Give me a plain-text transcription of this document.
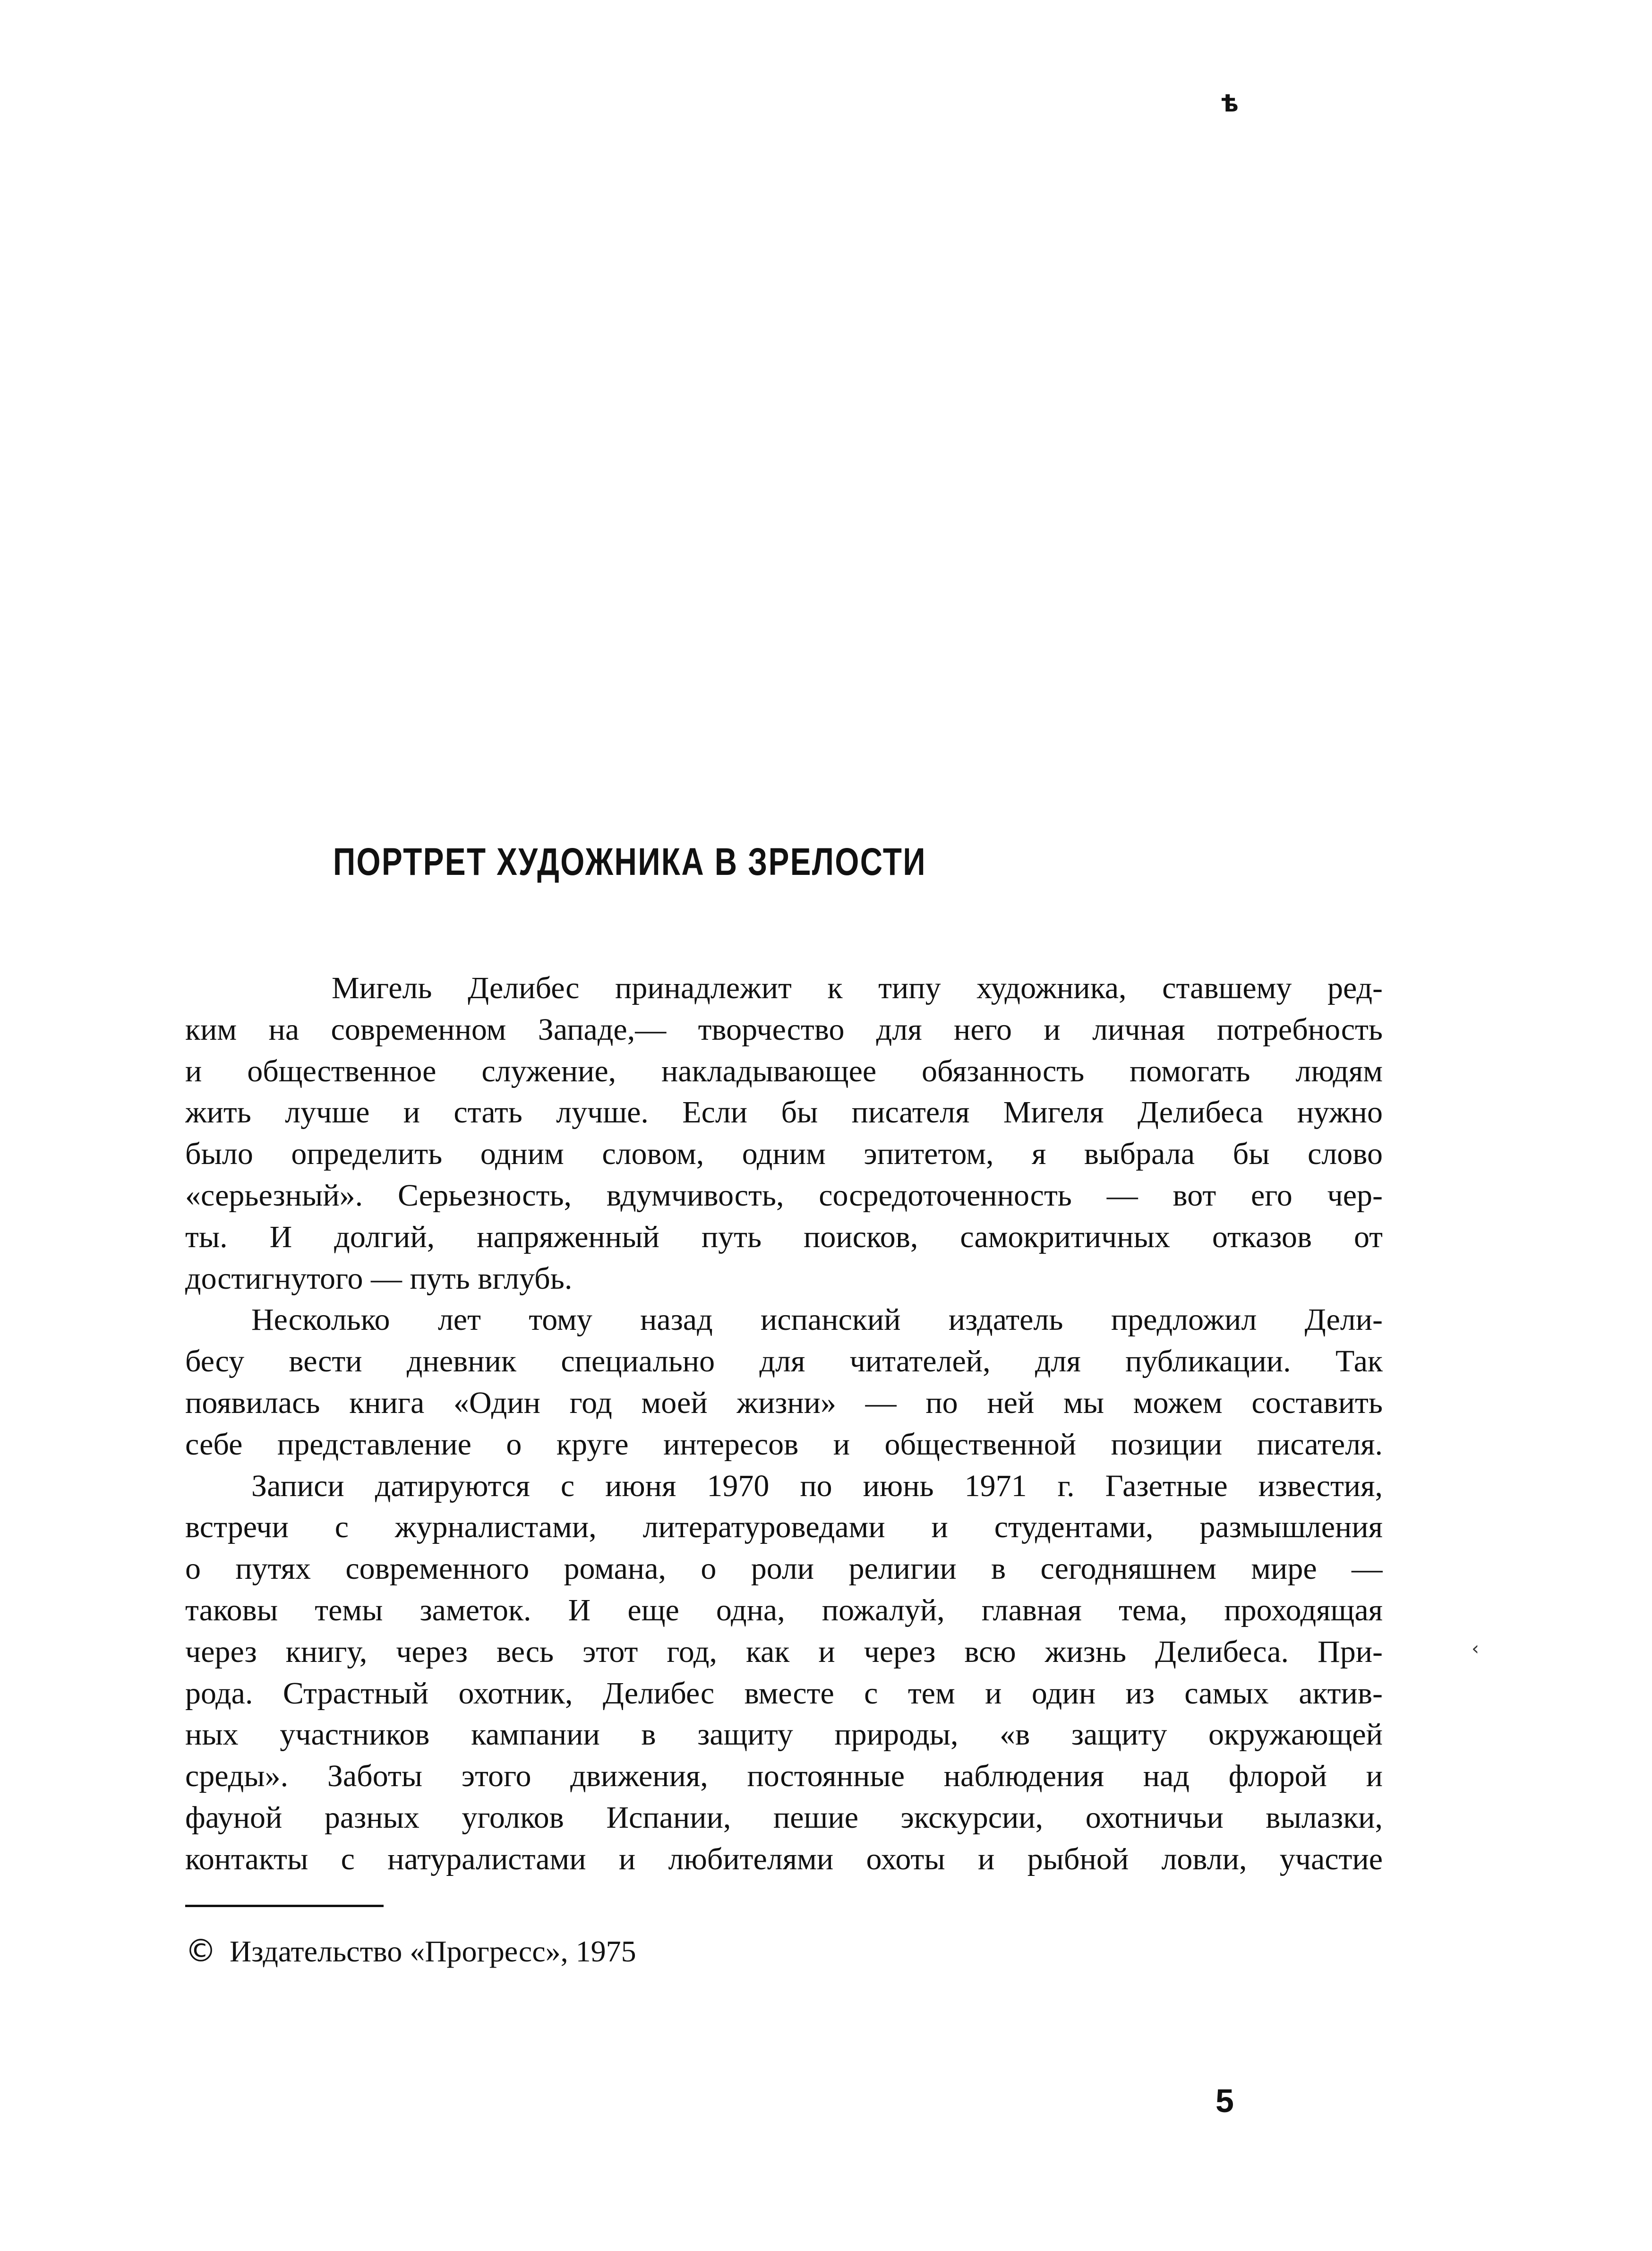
ѣ
‹
ПОРТРЕТ ХУДОЖНИКА В ЗРЕЛОСТИ
Мигель Делибес принадлежит к типу художника, ставшему ред-
ким на современном Западе,— творчество для него и личная потребность
и общественное служение, накладывающее обязанность помогать людям
жить лучше и стать лучше. Если бы писателя Мигеля Делибеса нужно
было определить одним словом, одним эпитетом, я выбрала бы слово
«серьезный». Серьезность, вдумчивость, сосредоточенность — вот его чер-
ты. И долгий, напряженный путь поисков, самокритичных отказов от
достигнутого — путь вглубь.
Несколько лет тому назад испанский издатель предложил Дели-
бесу вести дневник специально для читателей, для публикации. Так
появилась книга «Один год моей жизни» — по ней мы можем составить
себе представление о круге интересов и общественной позиции писателя.
Записи датируются с июня 1970 по июнь 1971 г. Газетные известия,
встречи с журналистами, литературоведами и студентами, размышления
о путях современного романа, о роли религии в сегодняшнем мире —
таковы темы заметок. И еще одна, пожалуй, главная тема, проходящая
через книгу, через весь этот год, как и через всю жизнь Делибеса. При-
рода. Страстный охотник, Делибес вместе с тем и один из самых актив-
ных участников кампании в защиту природы, «в защиту окружающей
среды». Заботы этого движения, постоянные наблюдения над флорой и
фауной разных уголков Испании, пешие экскурсии, охотничьи вылазки,
контакты с натуралистами и любителями охоты и рыбной ловли, участие
© Издательство «Прогресс», 1975
5
